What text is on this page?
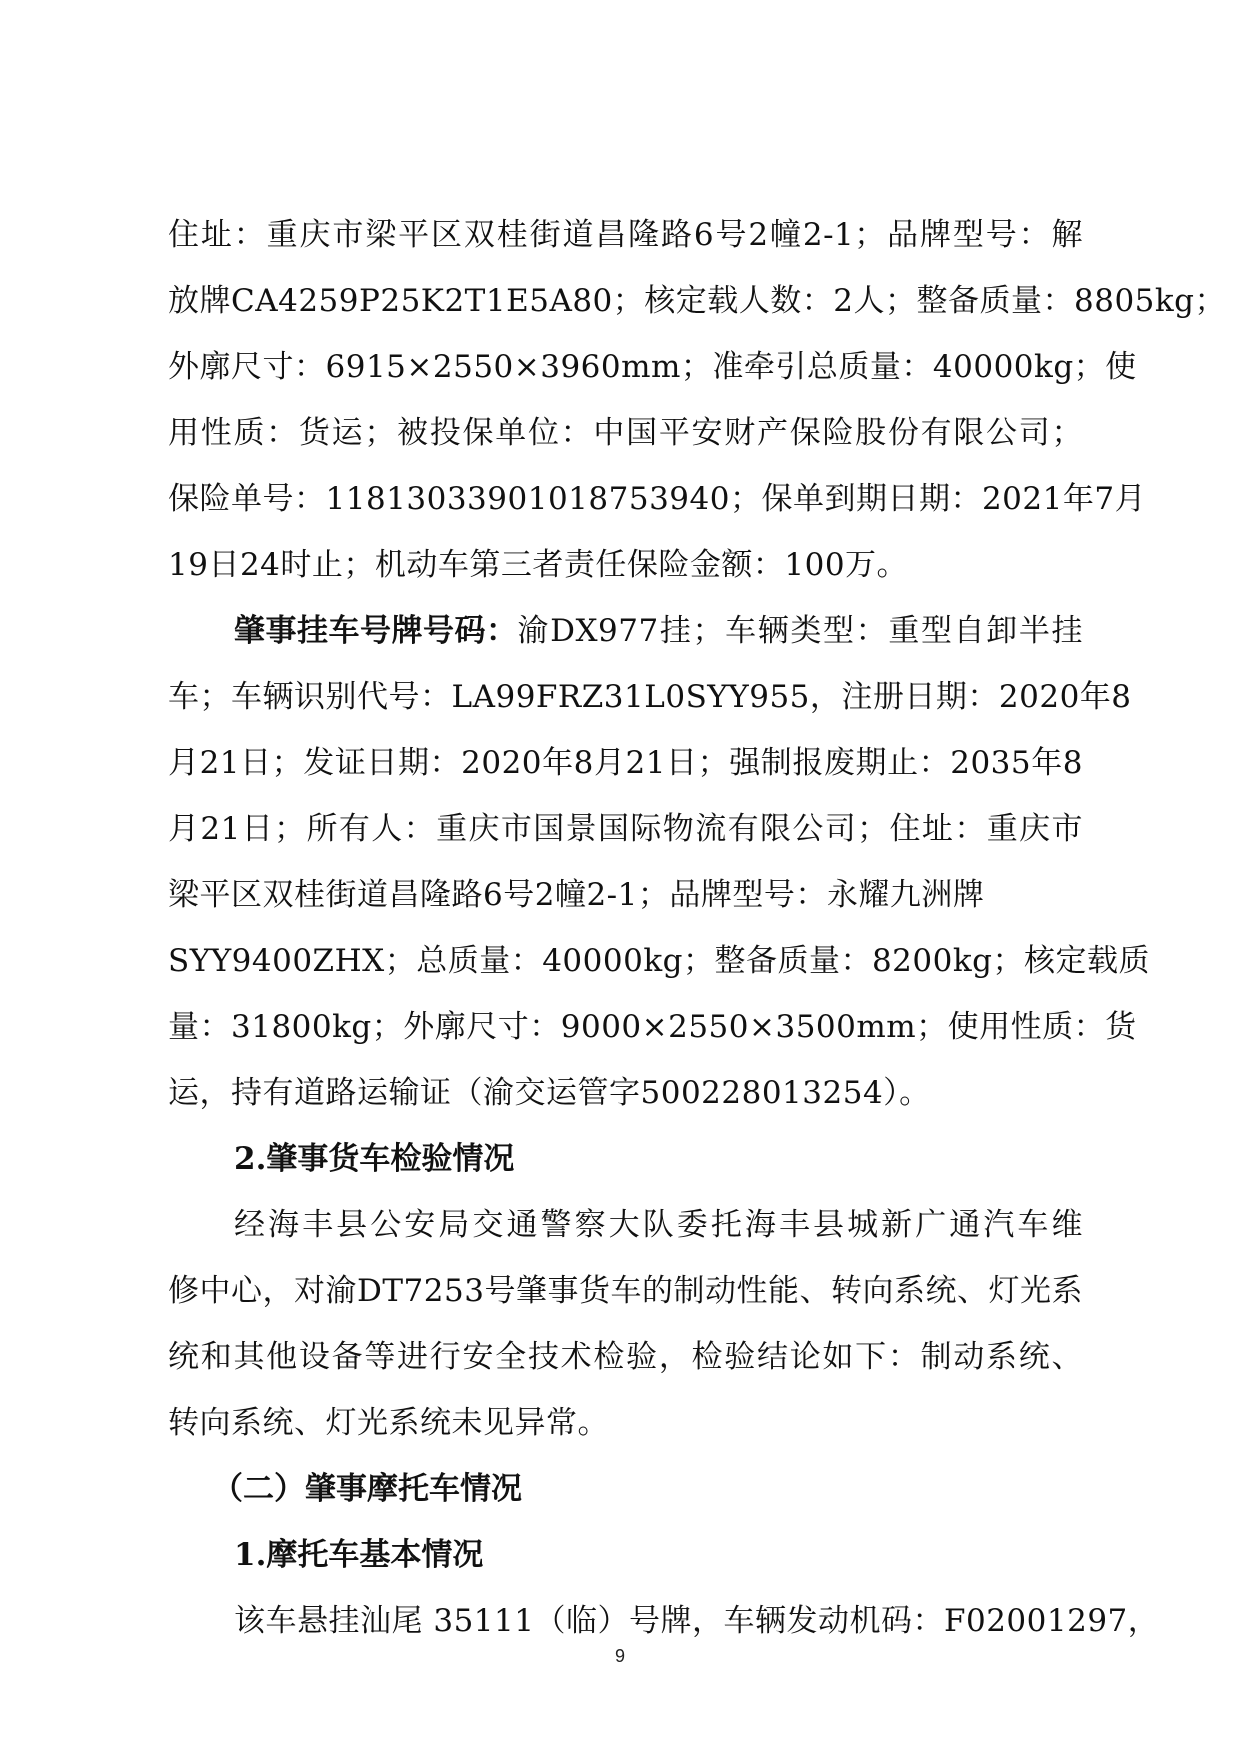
住址：重庆市梁平区双桂街道昌隆路6号2幢2-1；品牌型号：解
放牌CA4259P25K2T1E5A80；核定载人数：2人；整备质量：8805kg；
外廓尺寸：6915×2550×3960mm；准牵引总质量：40000kg；使
用性质：货运；被投保单位：中国平安财产保险股份有限公司；
保险单号：11813033901018753940；保单到期日期：2021年7月
19日24时止；机动车第三者责任保险金额：100万。
肇事挂车号牌号码： 渝DX977挂；车辆类型：重型自卸半挂
车；车辆识别代号：LA99FRZ31L0SYY955，注册日期：2020年8
月21日；发证日期：2020年8月21日；强制报废期止：2035年8
月21日；所有人：重庆市国景国际物流有限公司；住址：重庆市
梁平区双桂街道昌隆路6号2幢2-1；品牌型号：永耀九洲牌
SYY9400ZHX；总质量：40000kg；整备质量：8200kg；核定载质
量：31800kg；外廓尺寸：9000×2550×3500mm；使用性质：货
运，持有道路运输证（渝交运管字500228013254）。
2.肇事货车检验情况
经海丰县公安局交通警察大队委托海丰县城新广通汽车维
修中心，对渝DT7253号肇事货车的制动性能、转向系统、灯光系
统和其他设备等进行安全技术检验，检验结论如下：制动系统、
转向系统、灯光系统未见异常。
（二）肇事摩托车情况
1.摩托车基本情况
该车悬挂汕尾 35111（临）号牌，车辆发动机码：F02001297，
9
